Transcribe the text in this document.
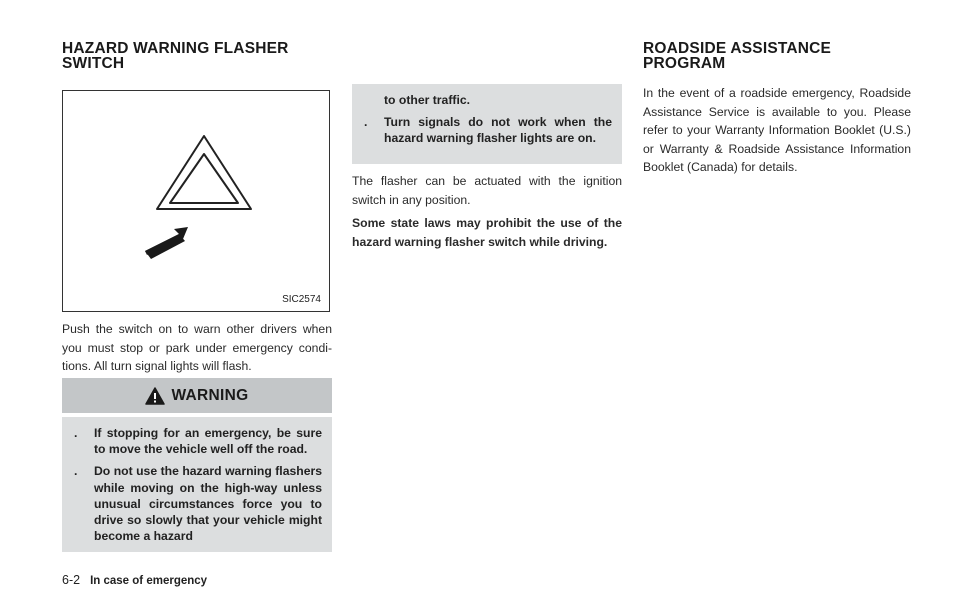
HAZARD WARNING FLASHER
SWITCH
SIC2574

Push the switch on to warn other drivers when you must stop or park under emergency condi-tions. All turn signal lights will flash.

WARNING
. If stopping for an emergency, be sure to move the vehicle well off the road.
. Do not use the hazard warning flashers while moving on the high-way unless unusual circumstances force you to drive so slowly that your vehicle might become a hazard
to other traffic.
. Turn signals do not work when the hazard warning flasher lights are on.

The flasher can be actuated with the ignition switch in any position.

Some state laws may prohibit the use of the hazard warning flasher switch while driving.

ROADSIDE ASSISTANCE
PROGRAM

In the event of a roadside emergency, Roadside Assistance Service is available to you. Please refer to your Warranty Information Booklet (U.S.) or Warranty & Roadside Assistance Information Booklet (Canada) for details.

6-2 In case of emergency
